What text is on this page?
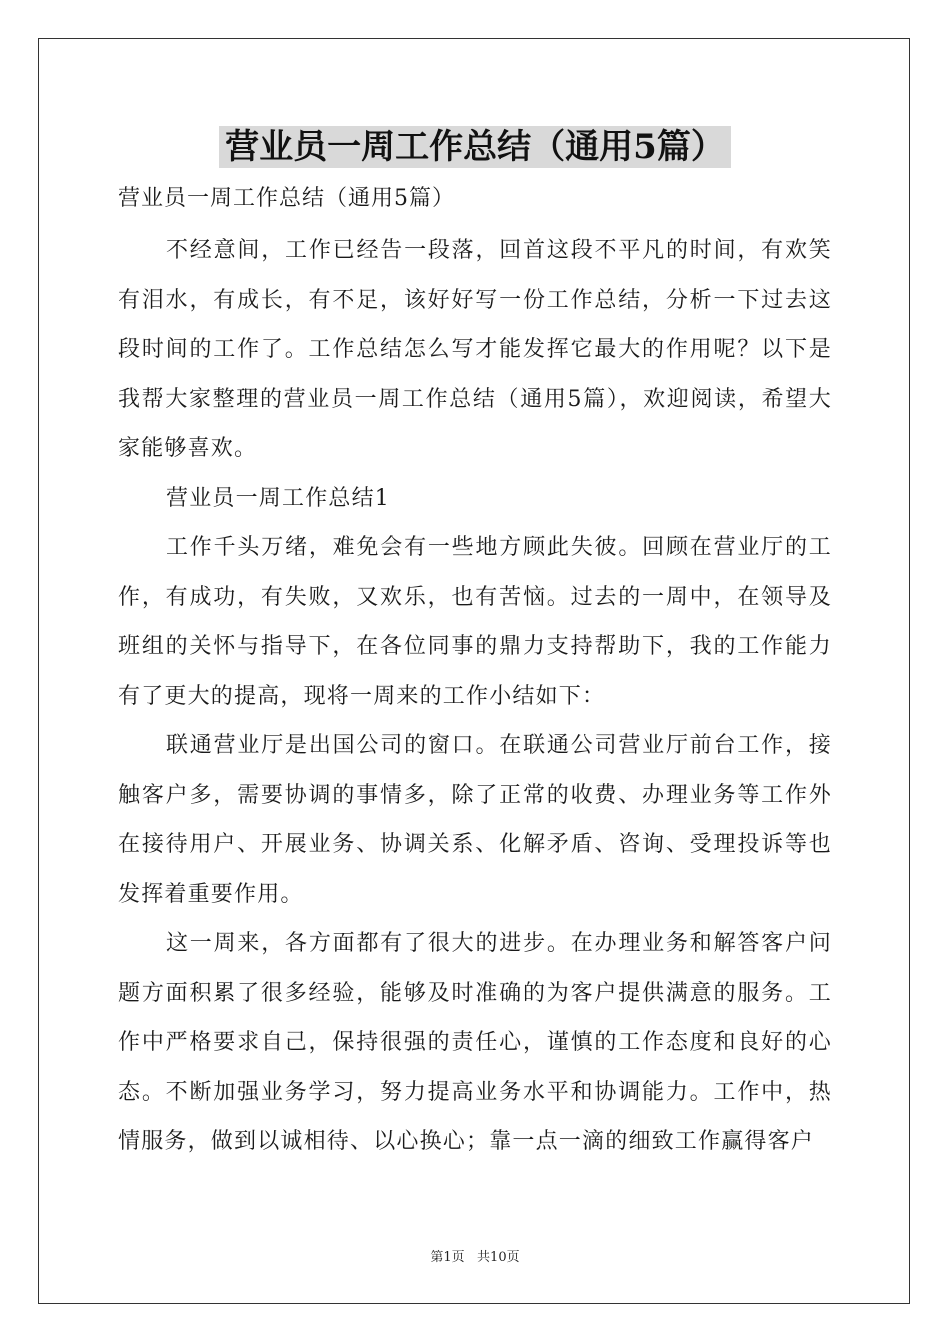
营业员一周工作总结（通用5篇）

营业员一周工作总结（通用5篇）

不经意间，工作已经告一段落，回首这段不平凡的时间，有欢笑有泪水，有成长，有不足，该好好写一份工作总结，分析一下过去这段时间的工作了。工作总结怎么写才能发挥它最大的作用呢？以下是我帮大家整理的营业员一周工作总结（通用5篇），欢迎阅读，希望大家能够喜欢。

营业员一周工作总结1

工作千头万绪，难免会有一些地方顾此失彼。回顾在营业厅的工作，有成功，有失败，又欢乐，也有苦恼。过去的一周中，在领导及班组的关怀与指导下，在各位同事的鼎力支持帮助下，我的工作能力有了更大的提高，现将一周来的工作小结如下：

联通营业厅是出国公司的窗口。在联通公司营业厅前台工作，接触客户多，需要协调的事情多，除了正常的收费、办理业务等工作外在接待用户、开展业务、协调关系、化解矛盾、咨询、受理投诉等也发挥着重要作用。

这一周来，各方面都有了很大的进步。在办理业务和解答客户问题方面积累了很多经验，能够及时准确的为客户提供满意的服务。工作中严格要求自己，保持很强的责任心，谨慎的工作态度和良好的心态。不断加强业务学习，努力提高业务水平和协调能力。工作中，热情服务，做到以诚相待、以心换心；靠一点一滴的细致工作赢得客户

第1页   共10页
